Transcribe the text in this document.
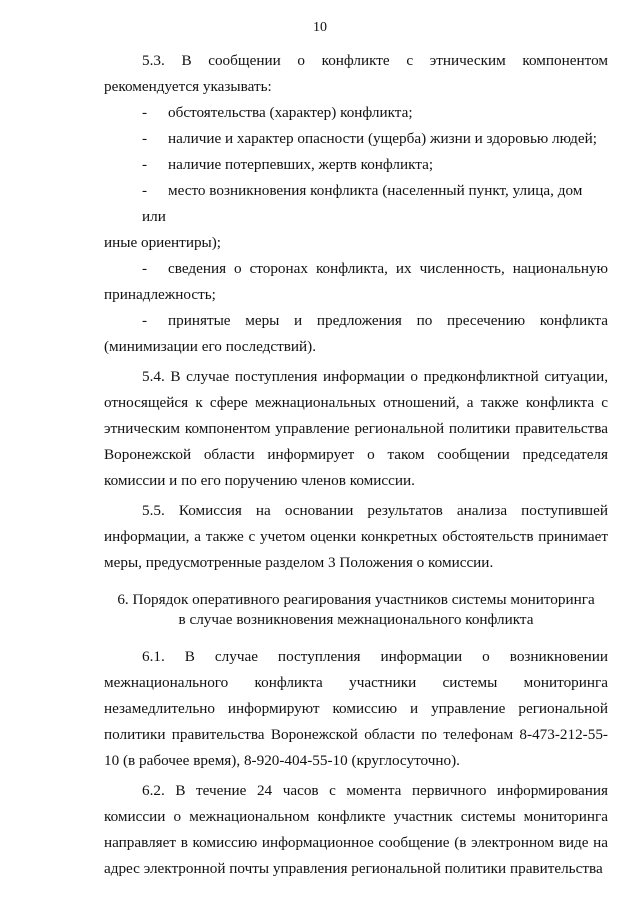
10

5.3. В сообщении о конфликте с этническим компонентом

рекомендуется указывать:

- обстоятельства (характер) конфликта;

- наличие и характер опасности (ущерба) жизни и здоровью людей;

- наличие потерпевших, жертв конфликта;

- место возникновения конфликта (населенный пункт, улица, дом или

иные ориентиры);

- сведения о сторонах конфликта, их численность, национальную

принадлежность;

- принятые меры и предложения по пресечению конфликта

(минимизации его последствий).

5.4. В случае поступления информации о предконфликтной ситуации, относящейся к сфере межнациональных отношений, а также конфликта с этническим компонентом управление региональной политики правительства Воронежской области информирует о таком сообщении председателя комиссии и по его поручению членов комиссии.

5.5. Комиссия на основании результатов анализа поступившей информации, а также с учетом оценки конкретных обстоятельств принимает меры, предусмотренные разделом 3 Положения о комиссии.

6. Порядок оперативного реагирования участников системы мониторинга
в случае возникновения межнационального конфликта

6.1. В случае поступления информации о возникновении межнационального конфликта участники системы мониторинга незамедлительно информируют комиссию и управление региональной политики правительства Воронежской области по телефонам 8-473-212-55-10 (в рабочее время), 8-920-404-55-10 (круглосуточно).

6.2. В течение 24 часов с момента первичного информирования комиссии о межнациональном конфликте участник системы мониторинга направляет в комиссию информационное сообщение (в электронном виде на адрес электронной почты управления региональной политики правительства
